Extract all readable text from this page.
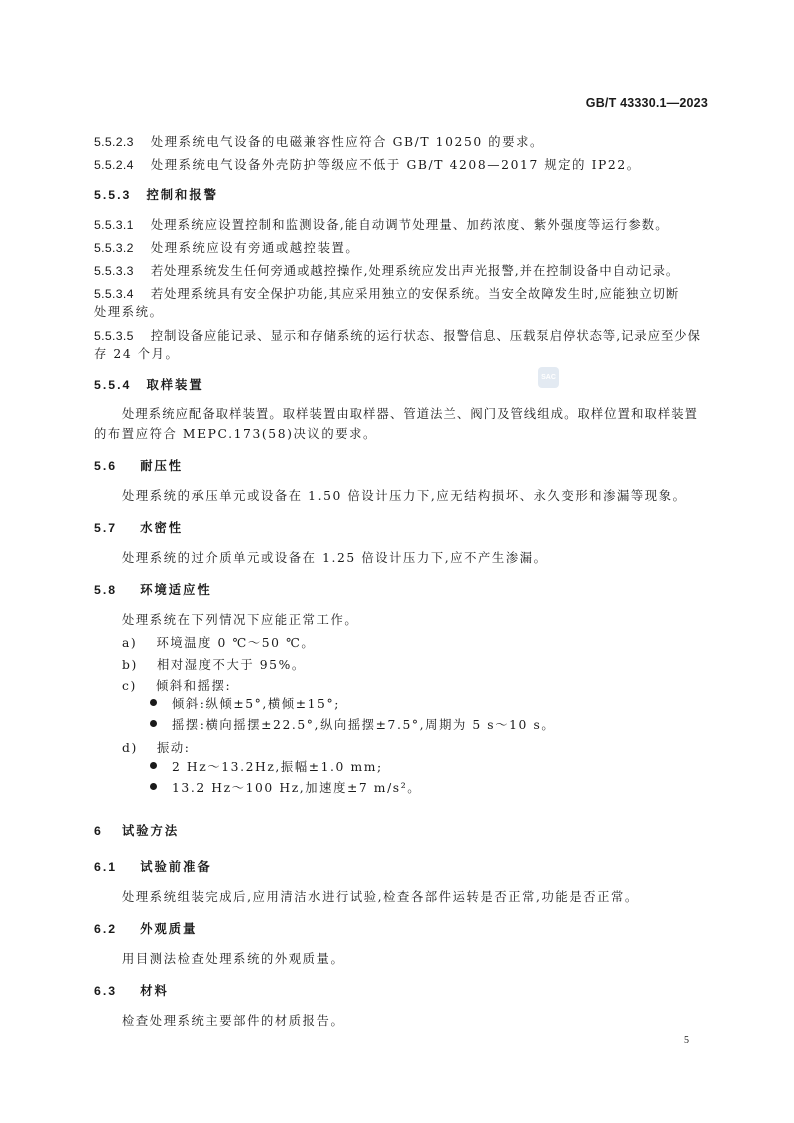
GB/T 43330.1—2023
5.5.2.3 处理系统电气设备的电磁兼容性应符合 GB/T 10250 的要求。
5.5.2.4 处理系统电气设备外壳防护等级应不低于 GB/T 4208—2017 规定的 IP22。
5.5.3 控制和报警
5.5.3.1 处理系统应设置控制和监测设备,能自动调节处理量、加药浓度、紫外强度等运行参数。
5.5.3.2 处理系统应设有旁通或越控装置。
5.5.3.3 若处理系统发生任何旁通或越控操作,处理系统应发出声光报警,并在控制设备中自动记录。
5.5.3.4 若处理系统具有安全保护功能,其应采用独立的安保系统。当安全故障发生时,应能独立切断
处理系统。
5.5.3.5 控制设备应能记录、显示和存储系统的运行状态、报警信息、压载泵启停状态等,记录应至少保
存 24 个月。
5.5.4 取样装置
SAC
处理系统应配备取样装置。取样装置由取样器、管道法兰、阀门及管线组成。取样位置和取样装置
的布置应符合 MEPC.173(58)决议的要求。
5.6 耐压性
处理系统的承压单元或设备在 1.50 倍设计压力下,应无结构损坏、永久变形和渗漏等现象。
5.7 水密性
处理系统的过介质单元或设备在 1.25 倍设计压力下,应不产生渗漏。
5.8 环境适应性
处理系统在下列情况下应能正常工作。
a) 环境温度 0 ℃～50 ℃。
b) 相对湿度不大于 95%。
c) 倾斜和摇摆:
倾斜:纵倾±5°,横倾±15°;
摇摆:横向摇摆±22.5°,纵向摇摆±7.5°,周期为 5 s～10 s。
d) 振动:
2 Hz～13.2Hz,振幅±1.0 mm;
13.2 Hz～100 Hz,加速度±7 m/s²。
6 试验方法
6.1 试验前准备
处理系统组装完成后,应用清洁水进行试验,检查各部件运转是否正常,功能是否正常。
6.2 外观质量
用目测法检查处理系统的外观质量。
6.3 材料
检查处理系统主要部件的材质报告。
5
